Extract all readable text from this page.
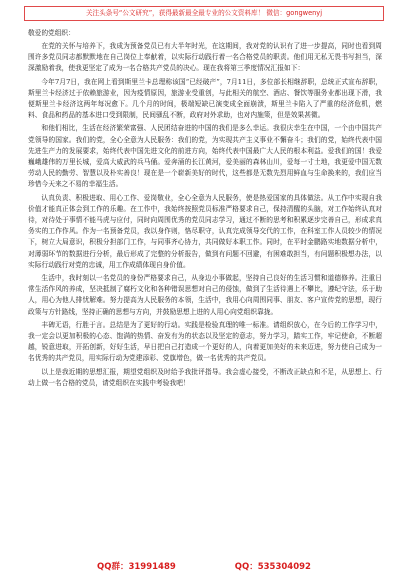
关注头条号“公文研究”，获得最新最全最专业的公文资料库！ 微信：gongwenyj

敬爱的党组织：

在党的关怀与培养下，我成为预备党员已有大半年时光，在这期间，我对党的认识有了进一步提高，同时也看到周围许多党员同志都默默地在自己岗位上奉献着，以实际行动践行着一名合格党员的职责。他们用无私无畏书写担当，深深激励着我，使我更坚定了成为一名合格共产党员的决心。现在我将第三季度情况汇报如下：

今年7月7日，我在网上看到斯里兰卡总理称该国“已经破产”，7月11日，多位部长相继辞职，总统正式宣布辞职，斯里兰卡经济过于依赖旅游业，因为疫情原因，旅游业受重创，与此相关的航空、酒店、餐饮等服务业都出现下滑，我便斯里兰卡经济这两年每况愈下。几个月的时间，极端短缺已演变成全面崩溃，斯里兰卡陷入了严重的经济危机，燃料、食品和药品的基本进口受到限制，民间骚乱不断，政府对外求助，也对内施策，但是效果甚微。

和他们相比，生活在经济繁荣富强、人民团结奋进的中国的我们是多么幸运。我很庆幸生在中国，一个由中国共产党领导的国家。我们的党，全心全意为人民服务：我们的党，为实现共产主义事业不懈奋斗；我们的党，始终代表中国先进生产力的发展要求，始终代表中国先进文化的前进方向，始终代表中国最广大人民的根本利益。爱我们的国！我爱巍峨雄伟的万里长城，爱高大威武的兵马俑。爱奔涌的长江黄河，爱美丽的森林山川，爱每一寸土地，我更爱中国无数劳动人民的勤劳、智慧以及朴实善良！现在是一个崭新美好的时代，这些都是无数先烈用鲜血与生命换来的，我们应当珍惜今天来之不易的幸福生活。

认真负责、积极进取、用心工作、爱岗敬业，全心全意为人民服务，使是热爱国家的具体做法。从工作中实现自我价值才能真正体会到工作的乐趣。在工作中，我始终按照党员标准严格要求自己，保持清醒的头脑，对工作始终认真对待，对待处于事情不能马虎与应付，同时向周围优秀的党员同志学习，通过不断的思考和积累逐步完善自己，形成求真务实的工作作风。作为一名预备党员，我以身作则，恪尽职守，认真完成领导交代的工作，在科室工作人员较少的情况下，树立大局意识，积极分担部门工作，与同事齐心协力，共同做好本职工作。同时，在平时金鹏路实地数据分析中，对薄弱环节的数据进行分析，最后形成了完整的分析报告，做到有问题不回避，有困难敢担当，有问题积极想办法，以实际行动践行对党的忠诚，用工作成绩体现自身价值。

生活中，我时刻以一名党员的身份严格要求自己，从身边小事做起，坚持自己良好的生活习惯和道德修养。注重日常生活作风的养成，坚决抵制了腐朽文化和各种错误思想对自己的侵蚀，做到了生活待遇上不攀比，遵纪守法，乐于助人，用心为他人排忧解难。努力提高为人民服务的本领，生活中，我用心向周围同事、朋友、客户宣传党的思想，现行政策与方针路线，坚持正确的思想与方向，并鼓励思想上进的人用心向党组织靠拢。

丰碑无语，行胜于言。总结是为了更好的行动。实践是检验真理的唯一标准。请组织放心，在今后的工作学习中，我一定会以更加积极的心态、饱满的热情、奋发有为的状态以及坚定的意志，努力学习，踏实工作，牢记使命，不断超越，锐意进取，开拓创新，好好生活，早日把自己打造成一个更好的人，向着更加美好的未来迈进，努力使自己成为一名优秀的共产党员，用实际行动为党建添彩、党旗增色，做一名优秀的共产党员。

以上是我近期的思想汇报，期望党组织及时给予我批评指导。我会虚心接受，不断改正缺点和不足，从思想上、行动上做一名合格的党员，请党组织在实践中考验我吧！

QQ群：31991489	QQ：535304092
